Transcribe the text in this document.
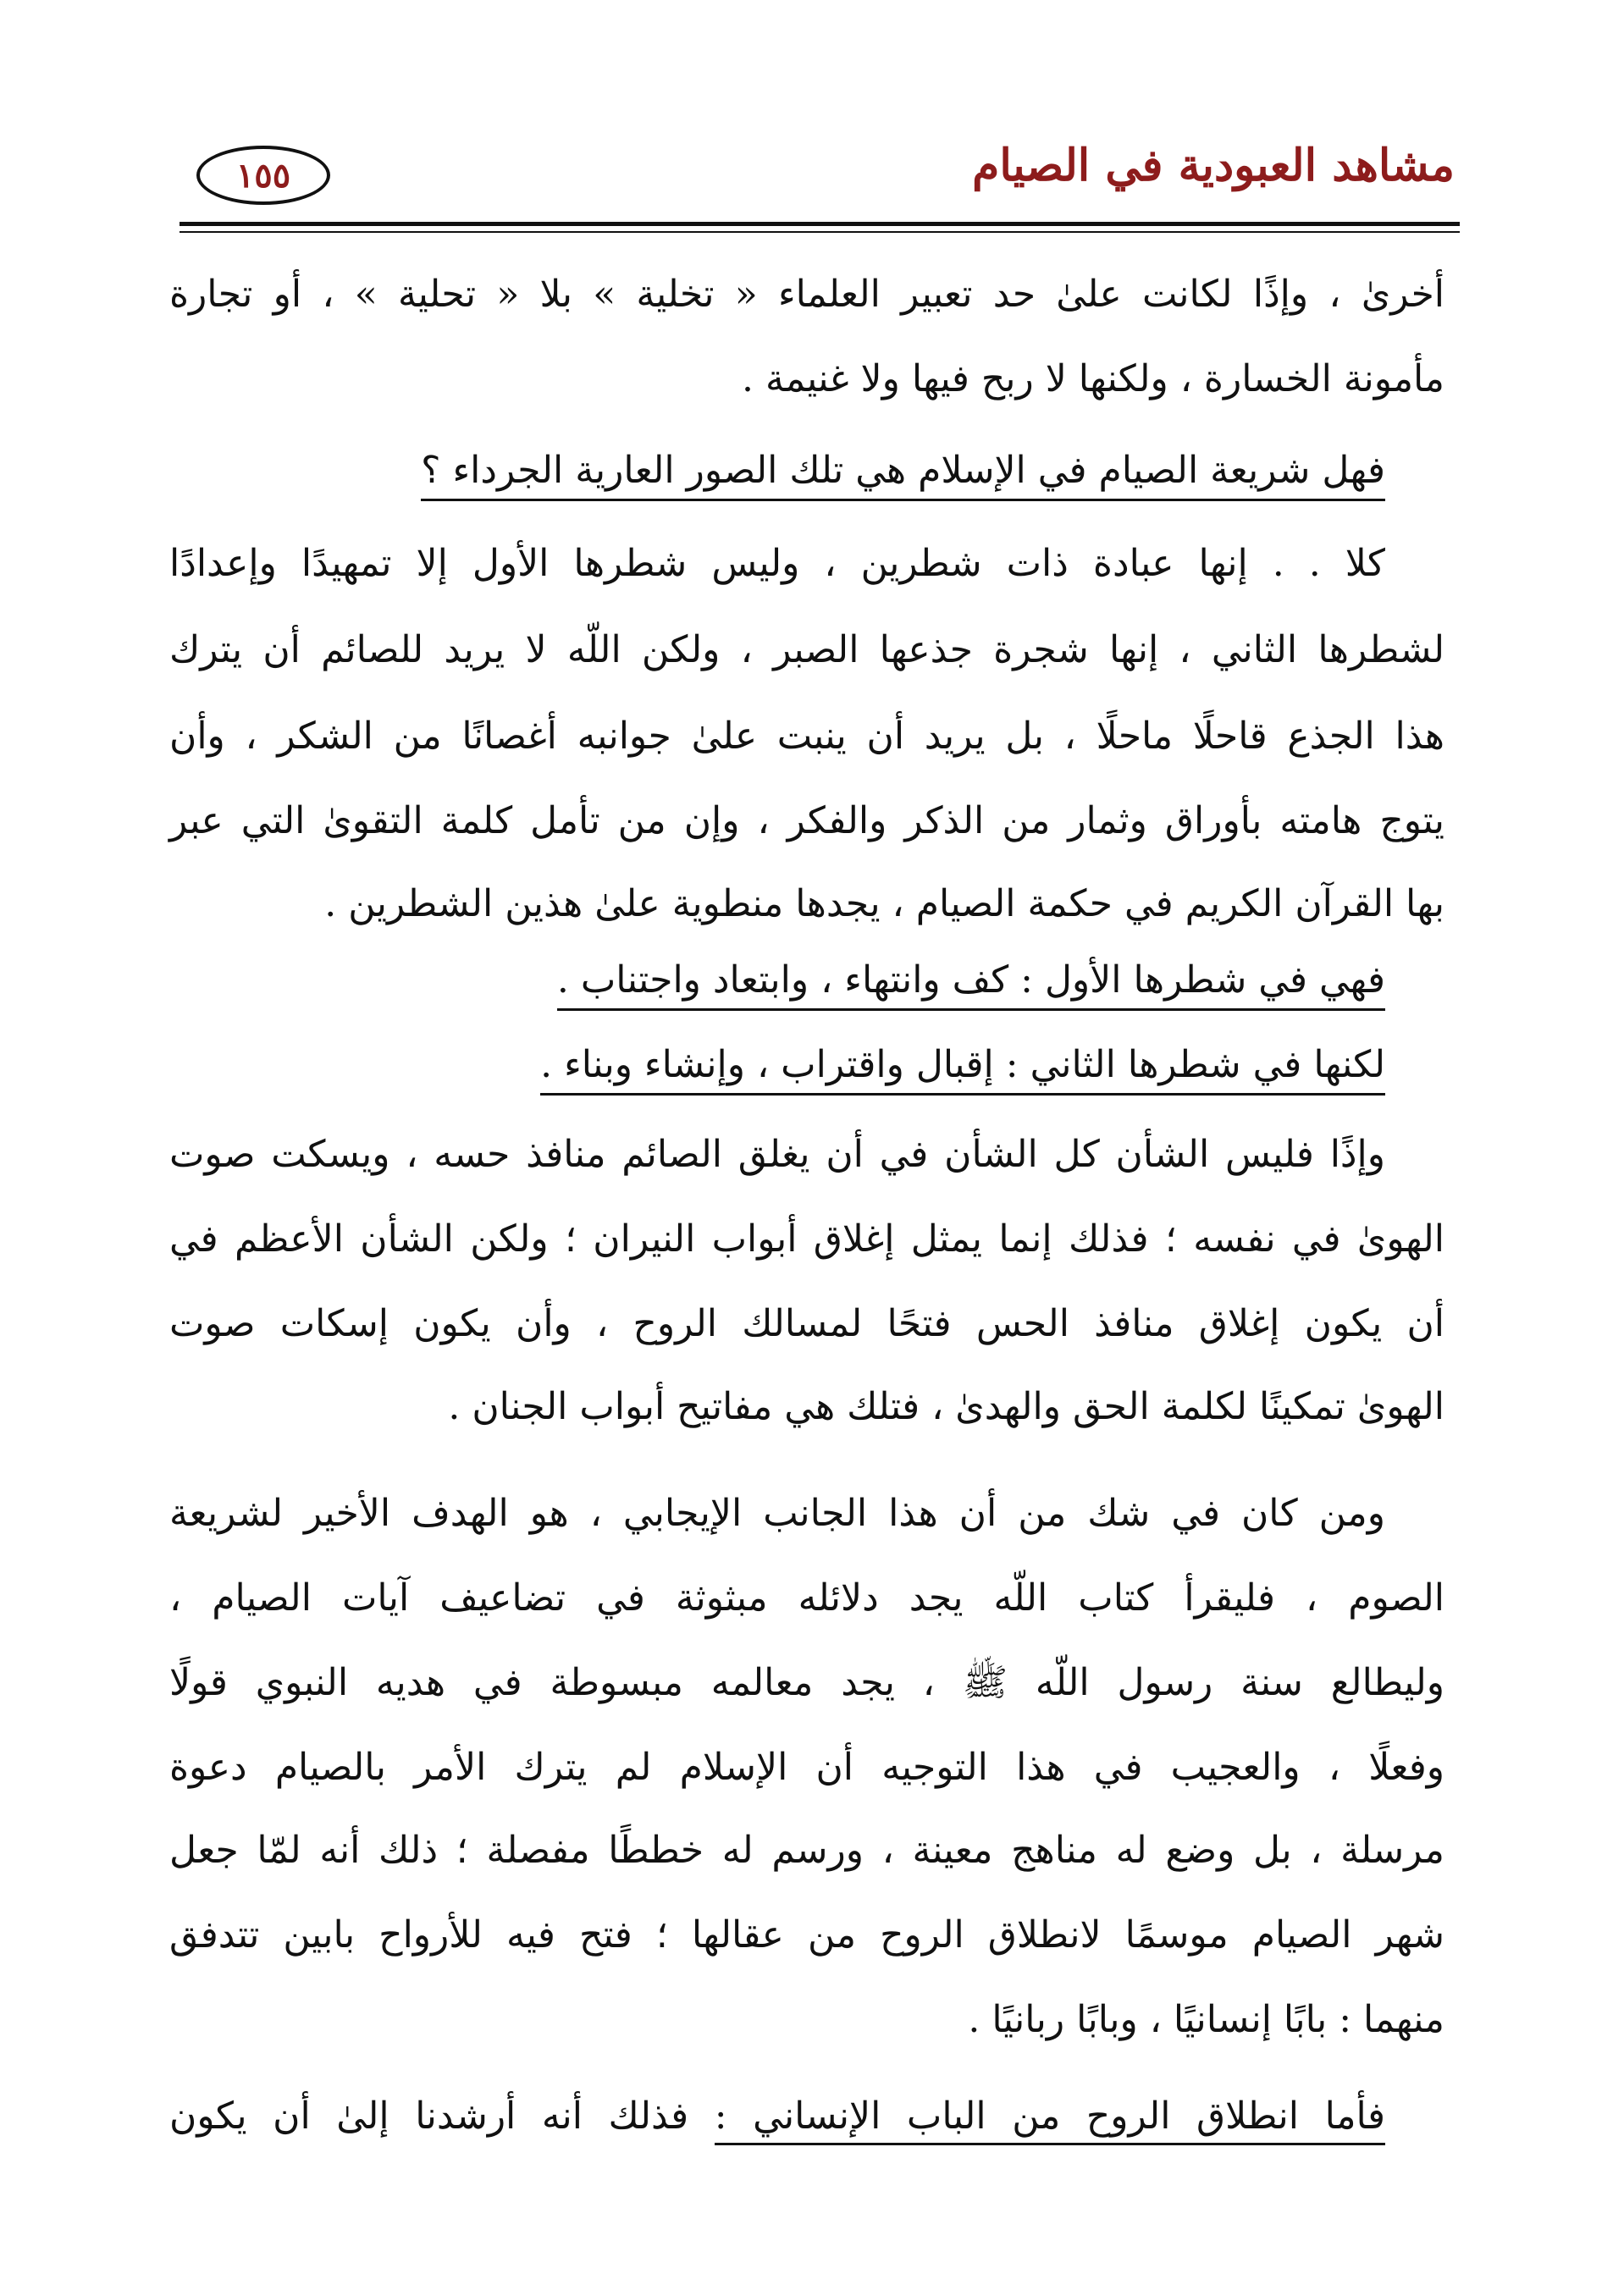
مشاهد العبودية في الصيام
١٥٥
أخرىٰ ، وإذًا لكانت علىٰ حد تعبير العلماء « تخلية » بلا « تحلية » ، أو تجارة
مأمونة الخسارة ، ولكنها لا ربح فيها ولا غنيمة .
فهل شريعة الصيام في الإسلام هي تلك الصور العارية الجرداء ؟
كلا . . إنها عبادة ذات شطرين ، وليس شطرها الأول إلا تمهيدًا وإعدادًا
لشطرها الثاني ، إنها شجرة جذعها الصبر ، ولكن اللّه لا يريد للصائم أن يترك
هذا الجذع قاحلًا ماحلًا ، بل يريد أن ينبت علىٰ جوانبه أغصانًا من الشكر ، وأن
يتوج هامته بأوراق وثمار من الذكر والفكر ، وإن من تأمل كلمة التقوىٰ التي عبر
بها القرآن الكريم في حكمة الصيام ، يجدها منطوية علىٰ هذين الشطرين .
فهي في شطرها الأول : كف وانتهاء ، وابتعاد واجتناب .
لكنها في شطرها الثاني : إقبال واقتراب ، وإنشاء وبناء .
وإذًا فليس الشأن كل الشأن في أن يغلق الصائم منافذ حسه ، ويسكت صوت
الهوىٰ في نفسه ؛ فذلك إنما يمثل إغلاق أبواب النيران ؛ ولكن الشأن الأعظم في
أن يكون إغلاق منافذ الحس فتحًا لمسالك الروح ، وأن يكون إسكات صوت
الهوىٰ تمكينًا لكلمة الحق والهدىٰ ، فتلك هي مفاتيح أبواب الجنان .
ومن كان في شك من أن هذا الجانب الإيجابي ، هو الهدف الأخير لشريعة
الصوم ، فليقرأ كتاب اللّه يجد دلائله مبثوثة في تضاعيف آيات الصيام ،
وليطالع سنة رسول اللّه ﷺ ، يجد معالمه مبسوطة في هديه النبوي قولًا
وفعلًا ، والعجيب في هذا التوجيه أن الإسلام لم يترك الأمر بالصيام دعوة
مرسلة ، بل وضع له مناهج معينة ، ورسم له خططًا مفصلة ؛ ذلك أنه لمّا جعل
شهر الصيام موسمًا لانطلاق الروح من عقالها ؛ فتح فيه للأرواح بابين تتدفق
منهما : بابًا إنسانيًا ، وبابًا ربانيًا .
فأما انطلاق الروح من الباب الإنساني : فذلك أنه أرشدنا إلىٰ أن يكون
